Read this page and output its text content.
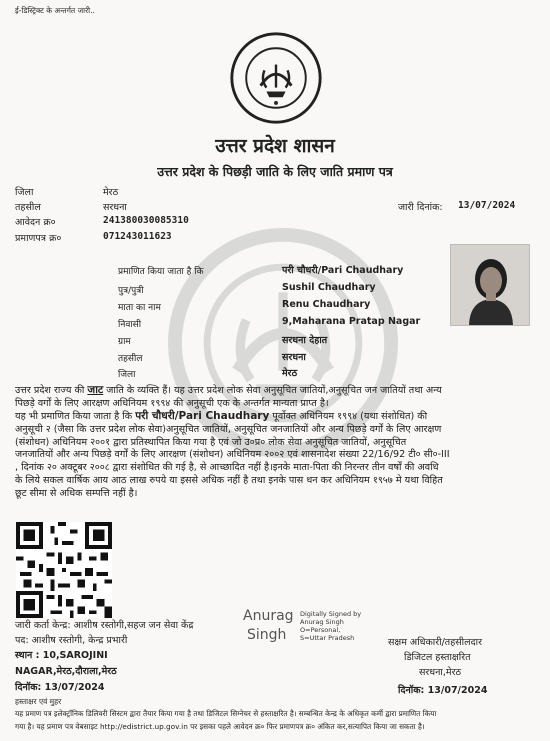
ई-डिस्ट्रिक्ट के अन्तर्गत जारी..
उत्तर प्रदेश शासन
उत्तर प्रदेश के पिछड़ी जाति के लिए जाति प्रमाण पत्र
जिला	मेरठ
तहसील	सरधना
आवेदन क्र०	241380030085310
प्रमाणपत्र क्र०	071243011623
जारी दिनांक: 13/07/2024
प्रमाणित किया जाता है कि	परी चौधरी/Pari Chaudhary
पुत्र/पुत्री	Sushil Chaudhary
माता का नाम	Renu Chaudhary
निवासी	9,Maharana Pratap Nagar
ग्राम	सरधना देहात
तहसील	सरधना
जिला	मेरठ
उत्तर प्रदेश राज्य की जाट जाति के व्यक्ति हैं। यह उत्तर प्रदेश लोक सेवा अनुसूचित जातियों,अनुसूचित जन जातियों तथा अन्य
पिछड़े वर्गों के लिए आरक्षण अधिनियम १९९४ की अनुसूची एक के अन्तर्गत मान्यता प्राप्त है।
यह भी प्रमाणित किया जाता है कि परी चौधरी/Pari Chaudhary पूर्वोक्त अधिनियम १९९४ (यथा संशोधित) की
अनुसूची २ (जैसा कि उत्तर प्रदेश लोक सेवा)अनुसूचित जातियों, अनुसूचित जनजातियों और अन्य पिछड़े वर्गों के लिए आरक्षण
(संशोधन) अधिनियम २००१ द्वारा प्रतिस्थापित किया गया है एवं जो उ०प्र० लोक सेवा अनुसूचित जातियों, अनुसूचित
जनजातियों और अन्य पिछड़े वर्गों के लिए आरक्षण (संशोधन) अधिनियम २००२ एवं शासनादेश संख्या 22/16/92 टी० सी०-III
, दिनांक २० अक्टूबर २००८ द्वारा संशोधित की गई है, से आच्छादित नहीं है।इनके माता-पिता की निरन्तर तीन वर्षों की अवधि
के लिये सकल वार्षिक आय आठ लाख रुपये या इससे अधिक नहीं है तथा इनके पास धन कर अधिनियम १९५७ मे यथा विहित
छूट सीमा से अधिक सम्पत्ति नहीं है।
जारी कर्ता केन्द्र: आशीष रस्तोगी,सहज जन सेवा केंद्र
पद: आशीष रस्तोगी, केन्द्र प्रभारी
स्थान : 10,SAROJINI
NAGAR,मेरठ,दौराला,मेरठ
दिनॉक: 13/07/2024
हस्ताक्षर एवं मुहर
Anurag
Singh
Digitally Signed by
Anurag Singh
O=Personal,
S=Uttar Pradesh	सक्षम अधिकारी/तहसीलदार
डिजिटल हस्ताक्षरित
सरधना,मेरठ
दिनॉक: 13/07/2024
यह प्रमाण पत्र इलेक्ट्रॉनिक डिलिवरी सिस्टम द्वारा तैयार किया गया है तथा डिजिटल सिग्नेचर से हस्ताक्षरित है। सम्बन्धित केन्द्र के अधिकृत कर्मी द्वारा प्रमाणित किया
गया है। यह प्रमाण पत्र वेबसाइट http://edistrict.up.gov.in पर इसका पहले आवेदन क्र० फिर प्रमाणपत्र क्र० अंकित कर,सत्यापित किया जा सकता है।
